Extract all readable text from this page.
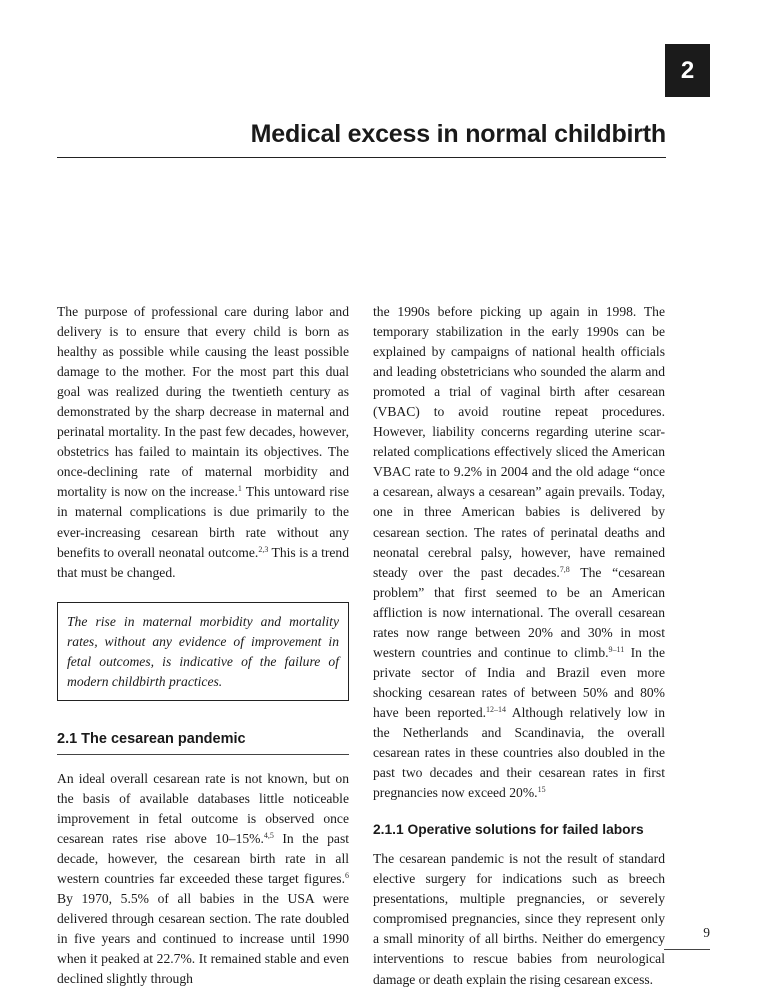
2
Medical excess in normal childbirth

The purpose of professional care during labor and delivery is to ensure that every child is born as healthy as possible while causing the least possible damage to the mother. For the most part this dual goal was realized during the twentieth century as demonstrated by the sharp decrease in maternal and perinatal mortality. In the past few decades, however, obstetrics has failed to maintain its objectives. The once-declining rate of maternal morbidity and mortality is now on the increase.$^1$ This untoward rise in maternal complications is due primarily to the ever-increasing cesarean birth rate without any benefits to overall neonatal outcome.$^{2,3}$ This is a trend that must be changed.

The rise in maternal morbidity and mortality rates, without any evidence of improvement in fetal outcomes, is indicative of the failure of modern childbirth practices.
2.1 The cesarean pandemic

An ideal overall cesarean rate is not known, but on the basis of available databases little noticeable improvement in fetal outcome is observed once cesarean rates rise above 10–15%.$^{4,5}$ In the past decade, however, the cesarean birth rate in all western countries far exceeded these target figures.$^6$ By 1970, 5.5% of all babies in the USA were delivered through cesarean section. The rate doubled in five years and continued to increase until 1990 when it peaked at 22.7%. It remained stable and even declined slightly through

the 1990s before picking up again in 1998. The temporary stabilization in the early 1990s can be explained by campaigns of national health officials and leading obstetricians who sounded the alarm and promoted a trial of vaginal birth after cesarean (VBAC) to avoid routine repeat procedures. However, liability concerns regarding uterine scar-related complications effectively sliced the American VBAC rate to 9.2% in 2004 and the old adage “once a cesarean, always a cesarean” again prevails. Today, one in three American babies is delivered by cesarean section. The rates of perinatal deaths and neonatal cerebral palsy, however, have remained steady over the past decades.$^{7,8}$ The “cesarean problem” that first seemed to be an American affliction is now international. The overall cesarean rates now range between 20% and 30% in most western countries and continue to climb.$^{9-11}$ In the private sector of India and Brazil even more shocking cesarean rates of between 50% and 80% have been reported.$^{12-14}$ Although relatively low in the Netherlands and Scandinavia, the overall cesarean rates in these countries also doubled in the past two decades and their cesarean rates in first pregnancies now exceed 20%.$^{15}$

2.1.1 Operative solutions for failed labors

The cesarean pandemic is not the result of standard elective surgery for indications such as breech presentations, multiple pregnancies, or severely compromised pregnancies, since they represent only a small minority of all births. Neither do emergency interventions to rescue babies from neurological damage or death explain the rising cesarean excess.

9
